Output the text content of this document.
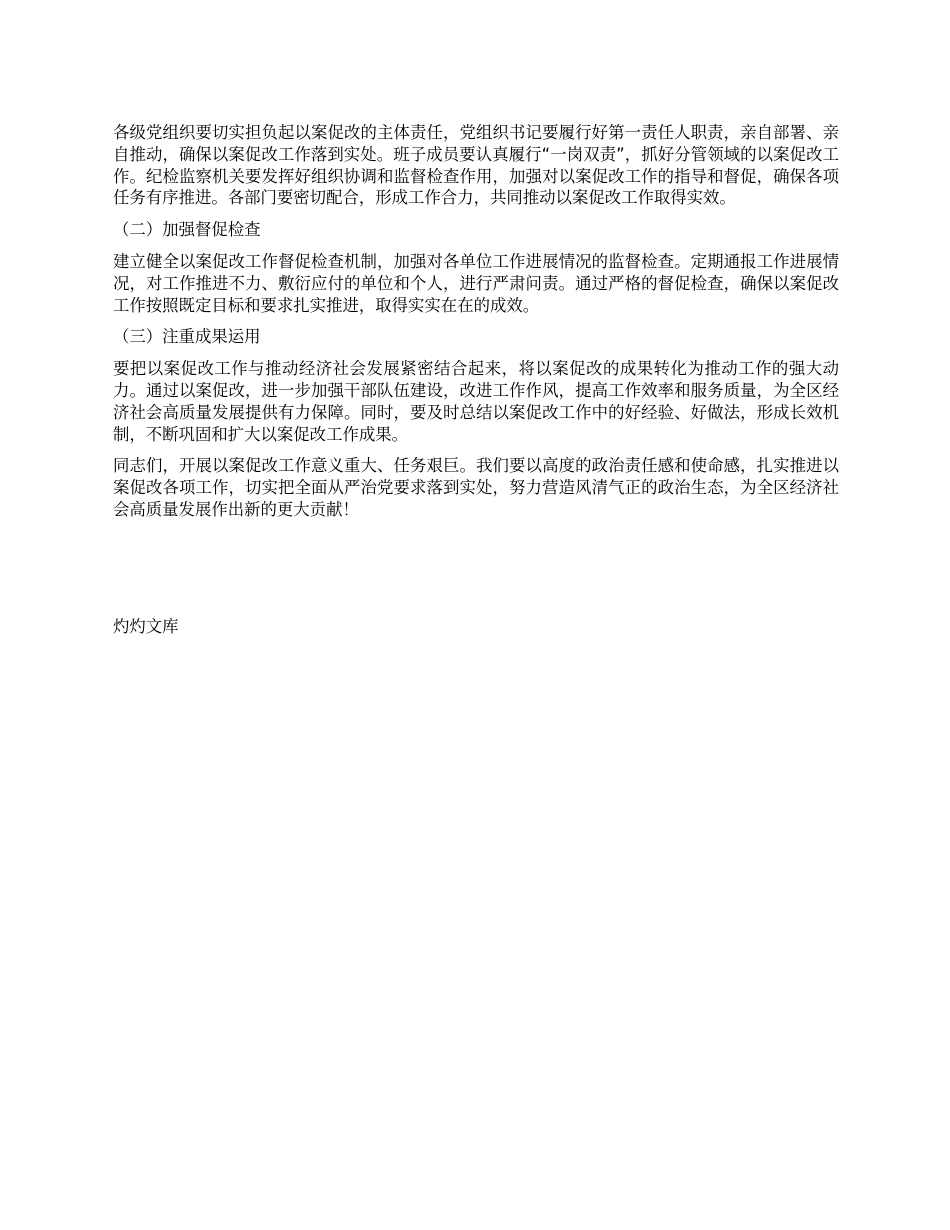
各级党组织要切实担负起以案促改的主体责任，党组织书记要履行好第一责任人职责，亲自部署、亲自推动，确保以案促改工作落到实处。班子成员要认真履行“一岗双责”，抓好分管领域的以案促改工作。纪检监察机关要发挥好组织协调和监督检查作用，加强对以案促改工作的指导和督促，确保各项任务有序推进。各部门要密切配合，形成工作合力，共同推动以案促改工作取得实效。

（二）加强督促检查

建立健全以案促改工作督促检查机制，加强对各单位工作进展情况的监督检查。定期通报工作进展情况，对工作推进不力、敷衍应付的单位和个人，进行严肃问责。通过严格的督促检查，确保以案促改工作按照既定目标和要求扎实推进，取得实实在在的成效。

（三）注重成果运用

要把以案促改工作与推动经济社会发展紧密结合起来，将以案促改的成果转化为推动工作的强大动力。通过以案促改，进一步加强干部队伍建设，改进工作作风，提高工作效率和服务质量，为全区经济社会高质量发展提供有力保障。同时，要及时总结以案促改工作中的好经验、好做法，形成长效机制，不断巩固和扩大以案促改工作成果。

同志们，开展以案促改工作意义重大、任务艰巨。我们要以高度的政治责任感和使命感，扎实推进以案促改各项工作，切实把全面从严治党要求落到实处，努力营造风清气正的政治生态，为全区经济社会高质量发展作出新的更大贡献！

灼灼文库
